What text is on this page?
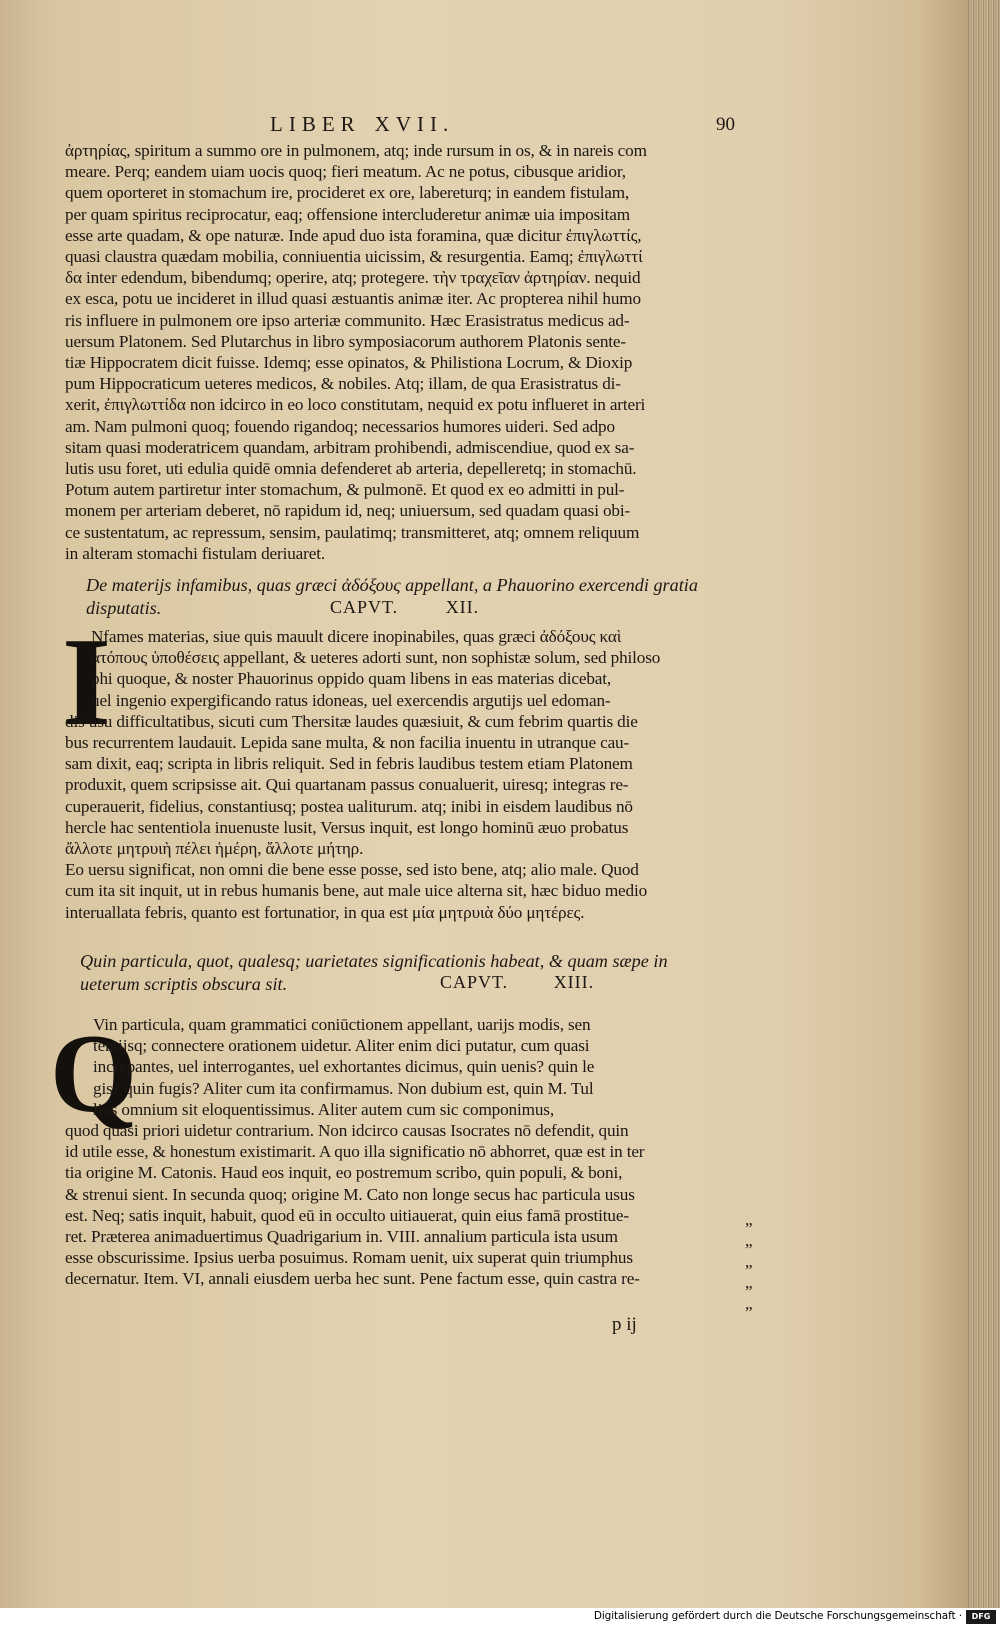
LIBER XVII.	90
ἀρτηρίας, spiritum a summo ore in pulmonem, atq; inde rursum in os, & in nareis com
meare. Perq; eandem uiam uocis quoq; fieri meatum. Ac ne potus, cibusque aridior,
quem oporteret in stomachum ire, procideret ex ore, labereturq; in eandem fistulam,
per quam spiritus reciprocatur, eaq; offensione intercluderetur animæ uia impositam
esse arte quadam, & ope naturæ. Inde apud duo ista foramina, quæ dicitur ἐπιγλωττίς,
quasi claustra quædam mobilia, conniuentia uicissim, & resurgentia. Eamq; ἐπιγλωττί
δα inter edendum, bibendumq; operire, atq; protegere. τὴν τραχεῖαν ἀρτηρίαν. nequid
ex esca, potu ue incideret in illud quasi æstuantis animæ iter. Ac propterea nihil humo
ris influere in pulmonem ore ipso arteriæ communito. Hæc Erasistratus medicus ad-
uersum Platonem. Sed Plutarchus in libro symposiacorum authorem Platonis sente-
tiæ Hippocratem dicit fuisse. Idemq; esse opinatos, & Philistiona Locrum, & Dioxip
pum Hippocraticum ueteres medicos, & nobiles. Atq; illam, de qua Erasistratus di-
xerit, ἐπιγλωττίδα non idcirco in eo loco constitutam, nequid ex potu influeret in arteri
am. Nam pulmoni quoq; fouendo rigandoq; necessarios humores uideri. Sed adpo
sitam quasi moderatricem quandam, arbitram prohibendi, admiscendiue, quod ex sa-
lutis usu foret, uti edulia quidē omnia defenderet ab arteria, depelleretq; in stomachū.
Potum autem partiretur inter stomachum, & pulmonē. Et quod ex eo admitti in pul-
monem per arteriam deberet, nō rapidum id, neq; uniuersum, sed quadam quasi obi-
ce sustentatum, ac repressum, sensim, paulatimq; transmitteret, atq; omnem reliquum
in alteram stomachi fistulam deriuaret.
De materijs infamibus, quas græci ἀδόξους appellant, a Phauorino exercendi gratia
disputatis.	CAPVT.	XII.
I
Nfames materias, siue quis mauult dicere inopinabiles, quas græci ἀδόξους καὶ
ἀτόπους ὑποθέσεις appellant, & ueteres adorti sunt, non sophistæ solum, sed philoso
phi quoque, & noster Phauorinus oppido quam libens in eas materias dicebat,
uel ingenio expergificando ratus idoneas, uel exercendis argutijs uel edoman-
dis usu difficultatibus, sicuti cum Thersitæ laudes quæsiuit, & cum febrim quartis die
bus recurrentem laudauit. Lepida sane multa, & non facilia inuentu in utranque cau-
sam dixit, eaq; scripta in libris reliquit. Sed in febris laudibus testem etiam Platonem
produxit, quem scripsisse ait. Qui quartanam passus conualuerit, uiresq; integras re-
cuperauerit, fidelius, constantiusq; postea ualiturum. atq; inibi in eisdem laudibus nō
hercle hac sententiola inuenuste lusit, Versus inquit, est longo hominū æuo probatus
ἄλλοτε μητρυιὴ πέλει ἡμέρη, ἄλλοτε μήτηρ.
Eo uersu significat, non omni die bene esse posse, sed isto bene, atq; alio male. Quod
cum ita sit inquit, ut in rebus humanis bene, aut male uice alterna sit, hæc biduo medio
interuallata febris, quanto est fortunatior, in qua est μία μητρυιὰ δύο μητέρες.
Quin particula, quot, qualesq; uarietates significationis habeat, & quam sæpe in
ueterum scriptis obscura sit.	CAPVT.	XIII.
Q
Vin particula, quam grammatici coniūctionem appellant, uarijs modis, sen
tentijsq; connectere orationem uidetur. Aliter enim dici putatur, cum quasi
increpantes, uel interrogantes, uel exhortantes dicimus, quin uenis? quin le
gis? quin fugis? Aliter cum ita confirmamus. Non dubium est, quin M. Tul
lius omnium sit eloquentissimus. Aliter autem cum sic componimus,
quod quasi priori uidetur contrarium. Non idcirco causas Isocrates nō defendit, quin
id utile esse, & honestum existimarit. A quo illa significatio nō abhorret, quæ est in ter
tia origine M. Catonis. Haud eos inquit, eo postremum scribo, quin populi, & boni,
& strenui sient. In secunda quoq; origine M. Cato non longe secus hac particula usus
est. Neq; satis inquit, habuit, quod eū in occulto uitiauerat, quin eius famā prostitue-
ret. Præterea animaduertimus Quadrigarium in. VIII. annalium particula ista usum
esse obscurissime. Ipsius uerba posuimus. Romam uenit, uix superat quin triumphus
decernatur. Item. VI, annali eiusdem uerba hec sunt. Pene factum esse, quin castra re-
„
„
„
„
„
p ij
Digitalisierung gefördert durch die Deutsche Forschungsgemeinschaft ·	DFG
